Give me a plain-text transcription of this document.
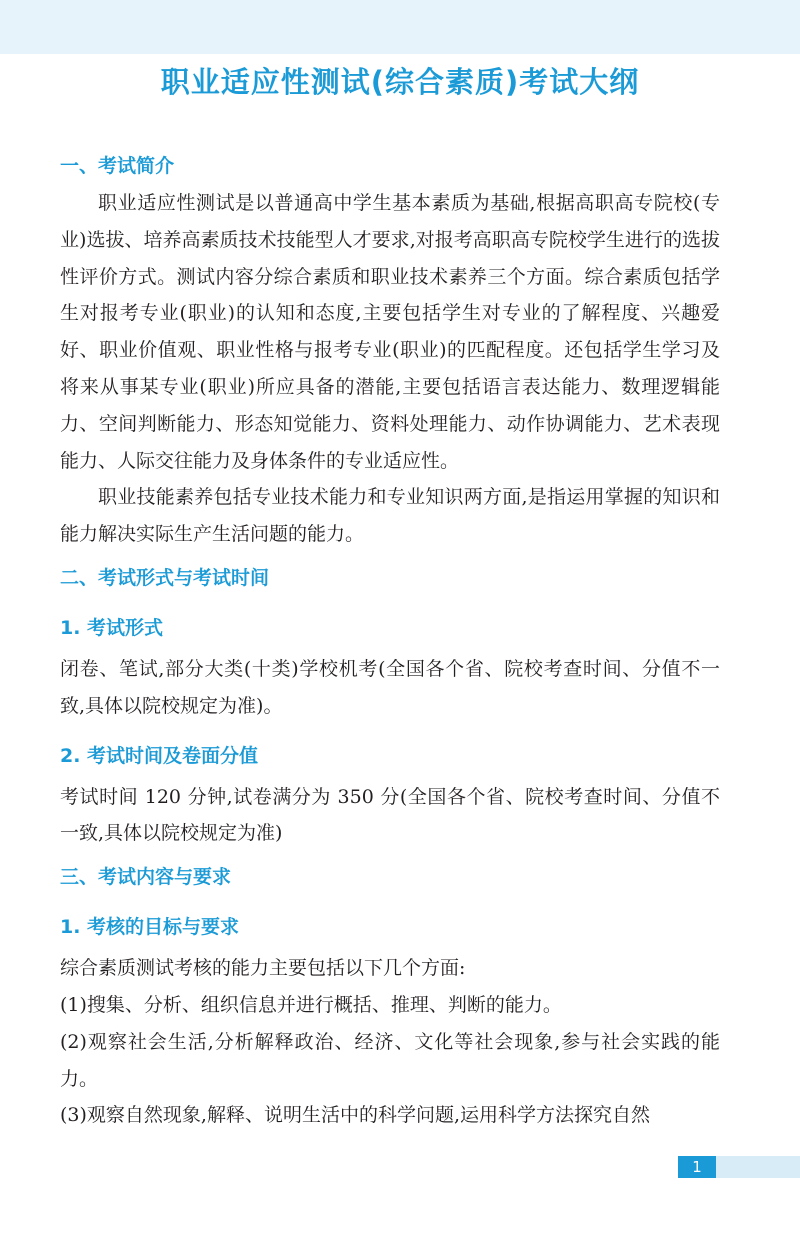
职业适应性测试(综合素质)考试大纲
一、考试简介

职业适应性测试是以普通高中学生基本素质为基础,根据高职高专院校(专业)选拔、培养高素质技术技能型人才要求,对报考高职高专院校学生进行的选拔性评价方式。测试内容分综合素质和职业技术素养三个方面。综合素质包括学生对报考专业(职业)的认知和态度,主要包括学生对专业的了解程度、兴趣爱好、职业价值观、职业性格与报考专业(职业)的匹配程度。还包括学生学习及将来从事某专业(职业)所应具备的潜能,主要包括语言表达能力、数理逻辑能力、空间判断能力、形态知觉能力、资料处理能力、动作协调能力、艺术表现能力、人际交往能力及身体条件的专业适应性。

职业技能素养包括专业技术能力和专业知识两方面,是指运用掌握的知识和能力解决实际生产生活问题的能力。

二、考试形式与考试时间
1. 考试形式

闭卷、笔试,部分大类(十类)学校机考(全国各个省、院校考查时间、分值不一致,具体以院校规定为准)。

2. 考试时间及卷面分值

考试时间 120 分钟,试卷满分为 350 分(全国各个省、院校考查时间、分值不一致,具体以院校规定为准)

三、考试内容与要求
1. 考核的目标与要求

综合素质测试考核的能力主要包括以下几个方面:

(1)搜集、分析、组织信息并进行概括、推理、判断的能力。

(2)观察社会生活,分析解释政治、经济、文化等社会现象,参与社会实践的能力。

(3)观察自然现象,解释、说明生活中的科学问题,运用科学方法探究自然

1
